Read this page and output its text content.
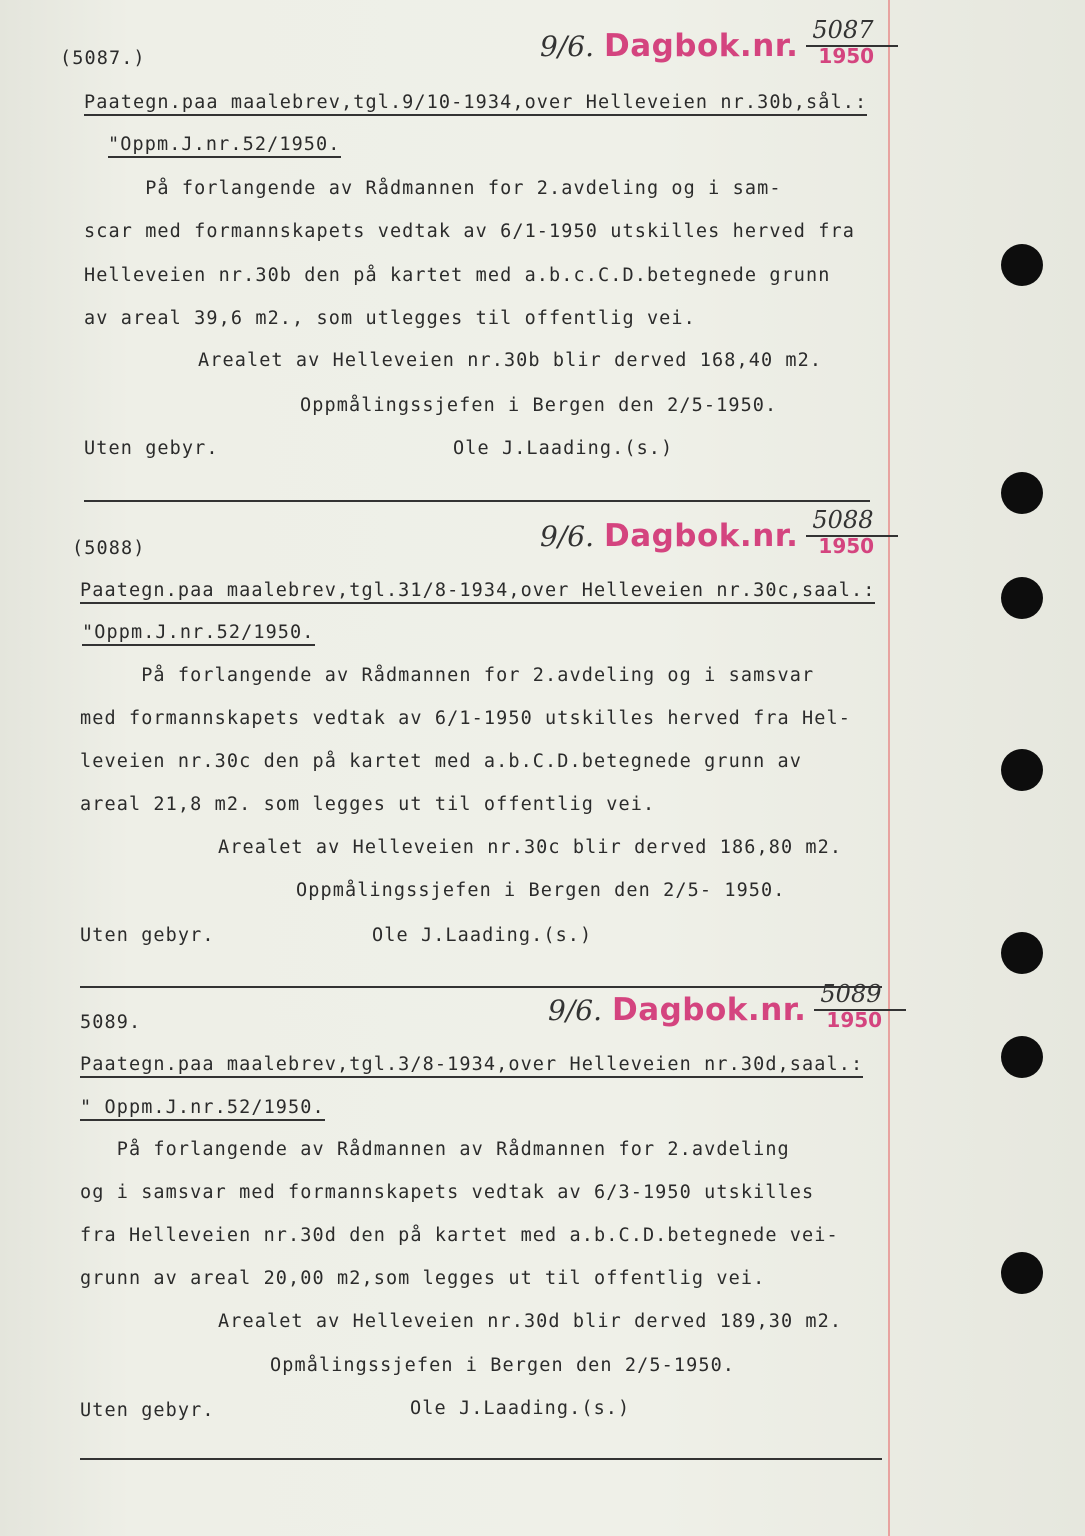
(5087.)	9/6. Dagbok.nr. 5087
1950
Paategn.paa maalebrev,tgl.9/10-1934,over Helleveien nr.30b,sål.:
"Oppm.J.nr.52/1950.
På forlangende av Rådmannen for 2.avdeling og i sam-
scar med formannskapets vedtak av 6/1-1950 utskilles herved fra
Helleveien nr.30b den på kartet med a.b.c.C.D.betegnede grunn
av areal 39,6 m2., som utlegges til offentlig vei.
Arealet av Helleveien nr.30b blir derved 168,40 m2.
Oppmålingssjefen i Bergen den 2/5-1950.
Uten gebyr.	Ole J.Laading.(s.)
(5088)	9/6. Dagbok.nr. 5088
1950
Paategn.paa maalebrev,tgl.31/8-1934,over Helleveien nr.30c,saal.:
"Oppm.J.nr.52/1950.
På forlangende av Rådmannen for 2.avdeling og i samsvar
med formannskapets vedtak av 6/1-1950 utskilles herved fra Hel-
leveien nr.30c den på kartet med a.b.C.D.betegnede grunn av
areal 21,8 m2. som legges ut til offentlig vei.
Arealet av Helleveien nr.30c blir derved 186,80 m2.
Oppmålingssjefen i Bergen den 2/5- 1950.
Uten gebyr.	Ole J.Laading.(s.)
5089.	9/6. Dagbok.nr. 5089
1950
Paategn.paa maalebrev,tgl.3/8-1934,over Helleveien nr.30d,saal.:
" Oppm.J.nr.52/1950.
På forlangende av Rådmannen av Rådmannen for 2.avdeling
og i samsvar med formannskapets vedtak av 6/3-1950 utskilles
fra Helleveien nr.30d den på kartet med a.b.C.D.betegnede vei-
grunn av areal 20,00 m2,som legges ut til offentlig vei.
Arealet av Helleveien nr.30d blir derved 189,30 m2.
Opmålingssjefen i Bergen den 2/5-1950.
Uten gebyr.	Ole J.Laading.(s.)
